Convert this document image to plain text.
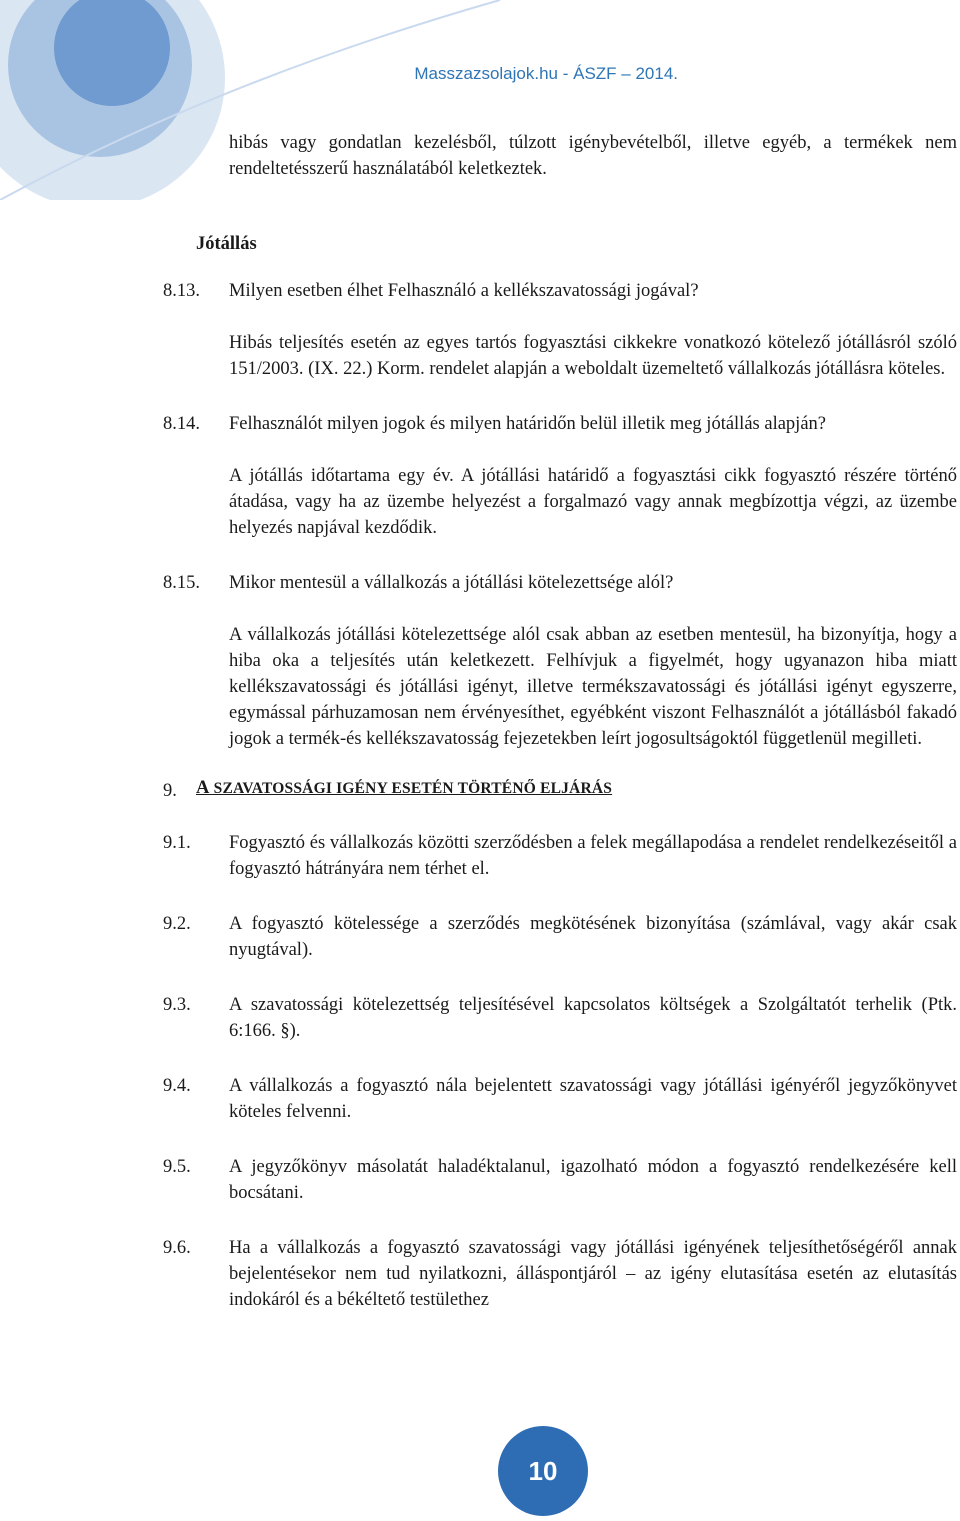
Masszazsolajok.hu - ÁSZF – 2014.
hibás vagy gondatlan kezelésből, túlzott igénybevételből, illetve egyéb, a termékek nem rendeltetésszerű használatából keletkeztek.
Jótállás
8.13.	Milyen esetben élhet Felhasználó a kellékszavatossági jogával?
Hibás teljesítés esetén az egyes tartós fogyasztási cikkekre vonatkozó kötelező jótállásról szóló 151/2003. (IX. 22.) Korm. rendelet alapján a weboldalt üzemeltető vállalkozás jótállásra köteles.
8.14.	Felhasználót milyen jogok és milyen határidőn belül illetik meg jótállás alapján?
A jótállás időtartama egy év. A jótállási határidő a fogyasztási cikk fogyasztó részére történő átadása, vagy ha az üzembe helyezést a forgalmazó vagy annak megbízottja végzi, az üzembe helyezés napjával kezdődik.
8.15.	Mikor mentesül a vállalkozás a jótállási kötelezettsége alól?
A vállalkozás jótállási kötelezettsége alól csak abban az esetben mentesül, ha bizonyítja, hogy a hiba oka a teljesítés után keletkezett. Felhívjuk a figyelmét, hogy ugyanazon hiba miatt kellékszavatossági és jótállási igényt, illetve termékszavatossági és jótállási igényt egyszerre, egymással párhuzamosan nem érvényesíthet, egyébként viszont Felhasználót a jótállásból fakadó jogok a termék-és kellékszavatosság fejezetekben leírt jogosultságoktól függetlenül megilleti.
9.	A SZAVATOSSÁGI IGÉNY ESETÉN TÖRTÉNŐ ELJÁRÁS
9.1.	Fogyasztó és vállalkozás közötti szerződésben a felek megállapodása a rendelet rendelkezéseitől a fogyasztó hátrányára nem térhet el.
9.2.	A fogyasztó kötelessége a szerződés megkötésének bizonyítása (számlával, vagy akár csak nyugtával).
9.3.	A szavatossági kötelezettség teljesítésével kapcsolatos költségek a Szolgáltatót terhelik (Ptk. 6:166. §).
9.4.	A vállalkozás a fogyasztó nála bejelentett szavatossági vagy jótállási igényéről jegyzőkönyvet köteles felvenni.
9.5.	A jegyzőkönyv másolatát haladéktalanul, igazolható módon a fogyasztó rendelkezésére kell bocsátani.
9.6.	Ha a vállalkozás a fogyasztó szavatossági vagy jótállási igényének teljesíthetőségéről annak bejelentésekor nem tud nyilatkozni, álláspontjáról – az igény elutasítása esetén az elutasítás indokáról és a békéltető testülethez
10
